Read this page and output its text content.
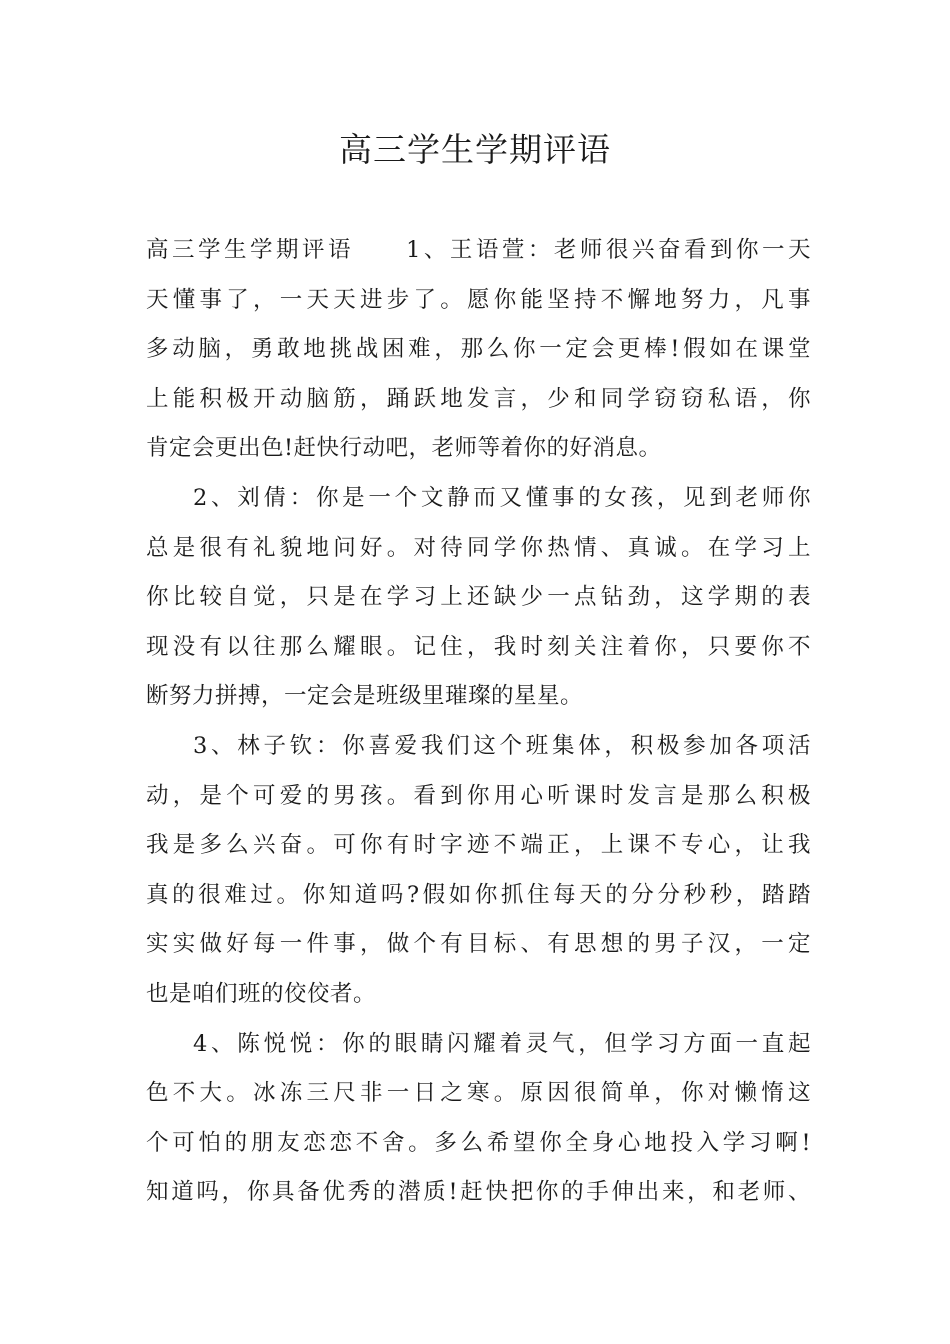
高三学生学期评语
高三学生学期评语　　1、王语萱：老师很兴奋看到你一天
天懂事了，一天天进步了。愿你能坚持不懈地努力，凡事
多动脑，勇敢地挑战困难，那么你一定会更棒!假如在课堂
上能积极开动脑筋，踊跃地发言，少和同学窃窃私语，你
肯定会更出色!赶快行动吧，老师等着你的好消息。
2、刘倩：你是一个文静而又懂事的女孩，见到老师你
总是很有礼貌地问好。对待同学你热情、真诚。在学习上
你比较自觉，只是在学习上还缺少一点钻劲，这学期的表
现没有以往那么耀眼。记住，我时刻关注着你，只要你不
断努力拼搏，一定会是班级里璀璨的星星。
3、林子钦：你喜爱我们这个班集体，积极参加各项活
动，是个可爱的男孩。看到你用心听课时发言是那么积极
我是多么兴奋。可你有时字迹不端正，上课不专心，让我
真的很难过。你知道吗?假如你抓住每天的分分秒秒，踏踏
实实做好每一件事，做个有目标、有思想的男子汉，一定
也是咱们班的佼佼者。
4、陈悦悦：你的眼睛闪耀着灵气，但学习方面一直起
色不大。冰冻三尺非一日之寒。原因很简单，你对懒惰这
个可怕的朋友恋恋不舍。多么希望你全身心地投入学习啊!
知道吗，你具备优秀的潜质!赶快把你的手伸出来，和老师、
